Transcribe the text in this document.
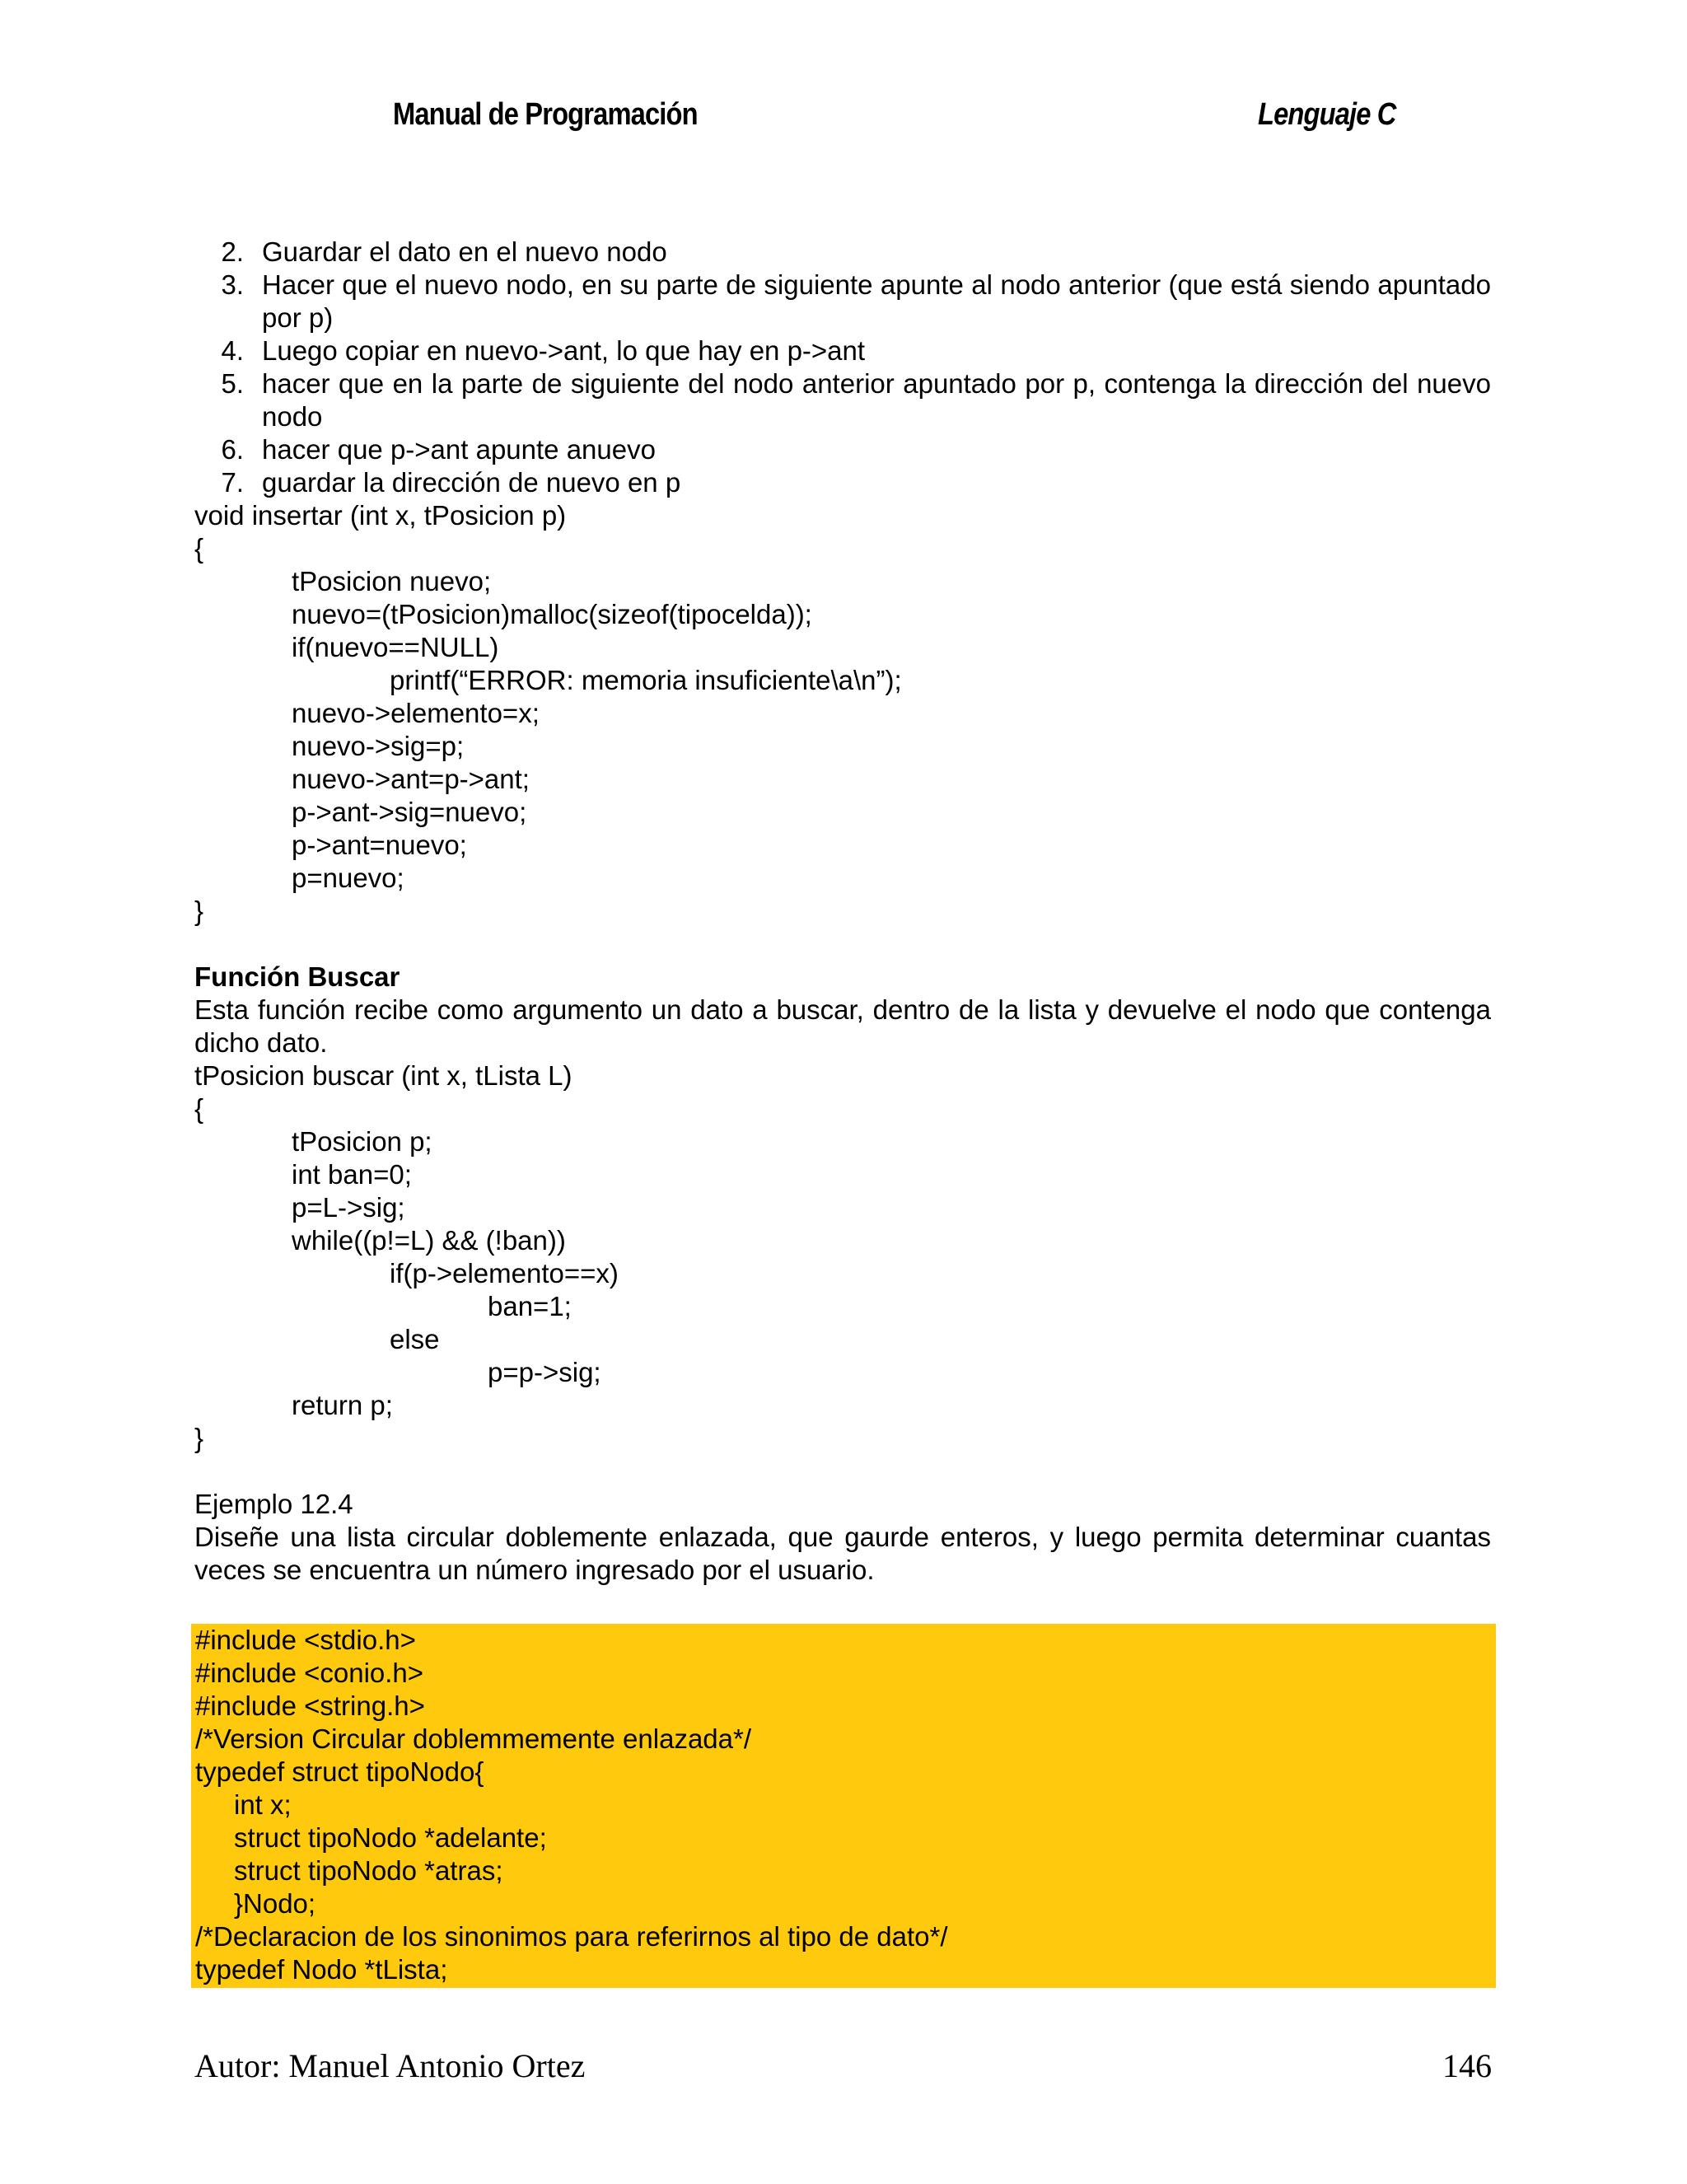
Manual de Programación	Lenguaje C
2. Guardar el dato en el nuevo nodo
3. Hacer que el nuevo nodo, en su parte de siguiente apunte al nodo anterior (que está siendo apuntado por p)
4. Luego copiar en nuevo->ant, lo que hay en p->ant
5. hacer que en la parte de siguiente del nodo anterior apuntado por p, contenga la dirección del nuevo nodo
6. hacer que p->ant apunte anuevo
7. guardar la dirección de nuevo en p
void insertar (int x, tPosicion p)
{
tPosicion nuevo;
nuevo=(tPosicion)malloc(sizeof(tipocelda));
if(nuevo==NULL)
printf(“ERROR: memoria insuficiente\a\n”);
nuevo->elemento=x;
nuevo->sig=p;
nuevo->ant=p->ant;
p->ant->sig=nuevo;
p->ant=nuevo;
p=nuevo;
}
Función Buscar
Esta función recibe como argumento un dato a buscar, dentro de la lista y devuelve el nodo que contenga dicho dato.
tPosicion buscar (int x, tLista L)
{
tPosicion p;
int ban=0;
p=L->sig;
while((p!=L) && (!ban))
if(p->elemento==x)
ban=1;
else
p=p->sig;
return p;
}
Ejemplo 12.4
Diseñe una lista circular doblemente enlazada, que gaurde enteros, y luego permita determinar cuantas veces se encuentra un número ingresado por el usuario.
#include <stdio.h>
#include <conio.h>
#include <string.h>
/*Version Circular doblemmemente enlazada*/
typedef struct tipoNodo{
int x;
struct tipoNodo *adelante;
struct tipoNodo *atras;
}Nodo;
/*Declaracion de los sinonimos para referirnos al tipo de dato*/
typedef Nodo *tLista;
Autor: Manuel Antonio Ortez	146
